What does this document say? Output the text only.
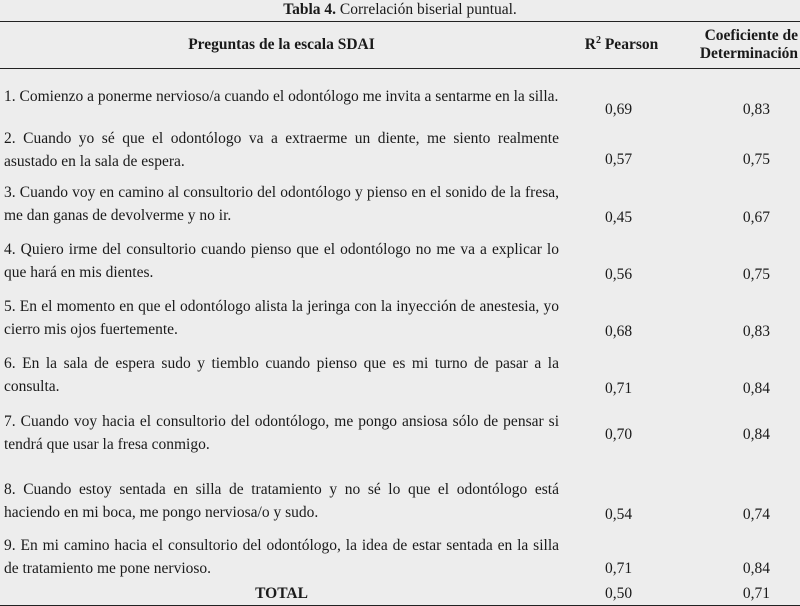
Tabla 4. Correlación biserial puntual.
Preguntas de la escala SDAI	$R^2$ Pearson	Coeficiente de
Determinación
1. Comienzo a ponerme nervioso/a cuando el odontólogo me invita a sentarme en la silla.	0,69	0,83
2. Cuando yo sé que el odontólogo va a extraerme un diente, me siento realmente asustado en la sala de espera.	0,57	0,75
3. Cuando voy en camino al consultorio del odontólogo y pienso en el sonido de la fresa, me dan ganas de devolverme y no ir.	0,45	0,67
4. Quiero irme del consultorio cuando pienso que el odontólogo no me va a explicar lo que hará en mis dientes.	0,56	0,75
5. En el momento en que el odontólogo alista la jeringa con la inyección de anestesia, yo cierro mis ojos fuertemente.	0,68	0,83
6. En la sala de espera sudo y tiemblo cuando pienso que es mi turno de pasar a la consulta.	0,71	0,84
7. Cuando voy hacia el consultorio del odontólogo, me pongo ansiosa sólo de pensar si tendrá que usar la fresa conmigo.	0,70	0,84
8. Cuando estoy sentada en silla de tratamiento y no sé lo que el odontólogo está haciendo en mi boca, me pongo nerviosa/o y sudo.	0,54	0,74
9. En mi camino hacia el consultorio del odontólogo, la idea de estar sentada en la silla de tratamiento me pone nervioso.	0,71	0,84
TOTAL	0,50	0,71
